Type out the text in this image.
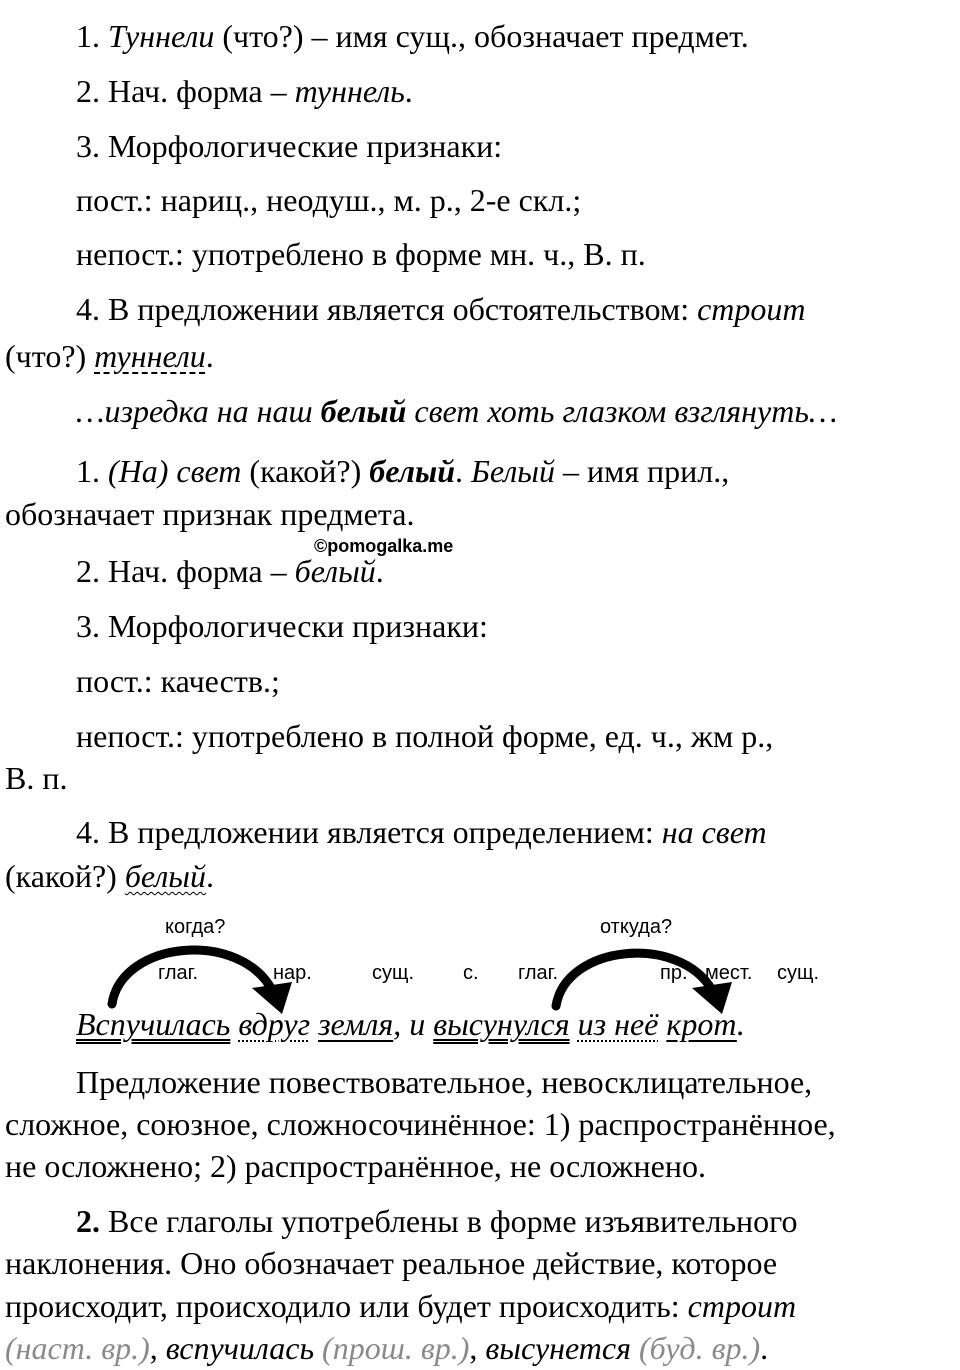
1. Туннели (что?) – имя сущ., обозначает предмет.
2. Нач. форма – туннель.
3. Морфологические признаки:
пост.: нариц., неодуш., м. р., 2-е скл.;
непост.: употреблено в форме мн. ч., В. п.
4. В предложении является обстоятельством: строит
(что?) туннели.
…изредка на наш белый свет хоть глазком взглянуть…
1. (На) свет (какой?) белый. Белый – имя прил.,
обозначает признак предмета.
©pomogalka.me
2. Нач. форма – белый.
3. Морфологически признаки:
пост.: качеств.;
непост.: употреблено в полной форме, ед. ч., жм р.,
В. п.
4. В предложении является определением: на свет
(какой?) белый.
когда?	откуда?
глаг.	нар.	сущ. с. глаг.	пр. мест. сущ.
Вспучилась вдруг земля, и высунулся из неё крот.
Предложение повествовательное, невосклицательное,
сложное, союзное, сложносочинённое: 1) распространённое,
не осложнено; 2) распространённое, не осложнено.
2. Все глаголы употреблены в форме изъявительного
наклонения. Оно обозначает реальное действие, которое
происходит, происходило или будет происходить: строит
(наст. вр.), вспучилась (прош. вр.), высунется (буд. вр.).
